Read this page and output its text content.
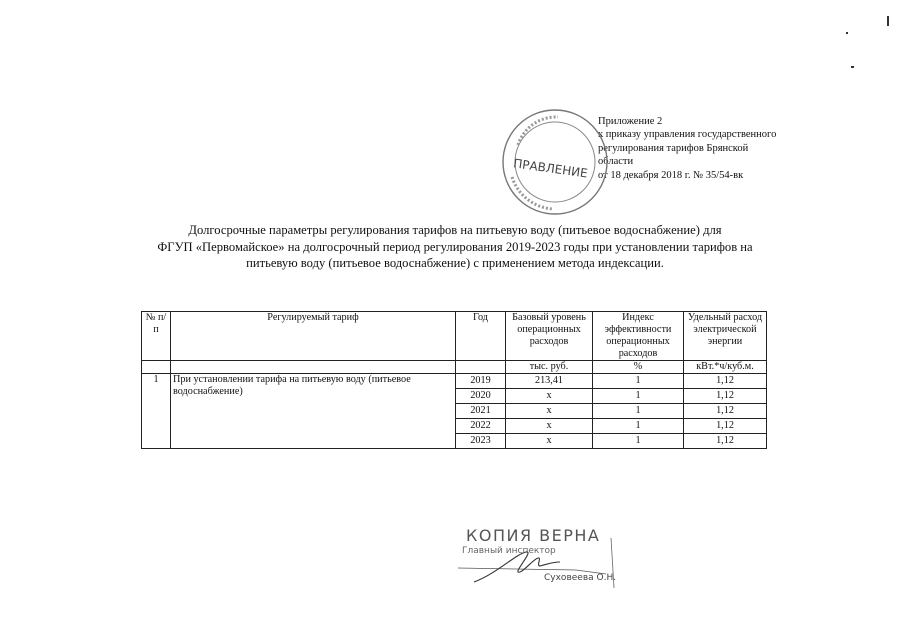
Приложение 2
к приказу управления государственного
регулирования тарифов Брянской
области
от 18 декабря 2018 г. № 35/54-вк
ПРАВЛЕНИЕ
Долгосрочные параметры регулирования тарифов на питьевую воду (питьевое водоснабжение) для
ФГУП «Первомайское» на долгосрочный период регулирования 2019-2023 годы при установлении тарифов на
питьевую воду (питьевое водоснабжение) с применением метода индексации.
№ п/п	Регулируемый тариф	Год	Базовый уровень операционных расходов	Индекс эффективности операционных расходов	Удельный расход электрической энергии
			тыс. руб.	%	кВт.*ч/куб.м.
1	При установлении тарифа на питьевую воду (питьевое водоснабжение)	2019	213,41	1	1,12
		2020	х	1	1,12
		2021	х	1	1,12
		2022	х	1	1,12
		2023	х	1	1,12
КОПИЯ ВЕРНА
Главный инспектор
Суховеева О.Н.
